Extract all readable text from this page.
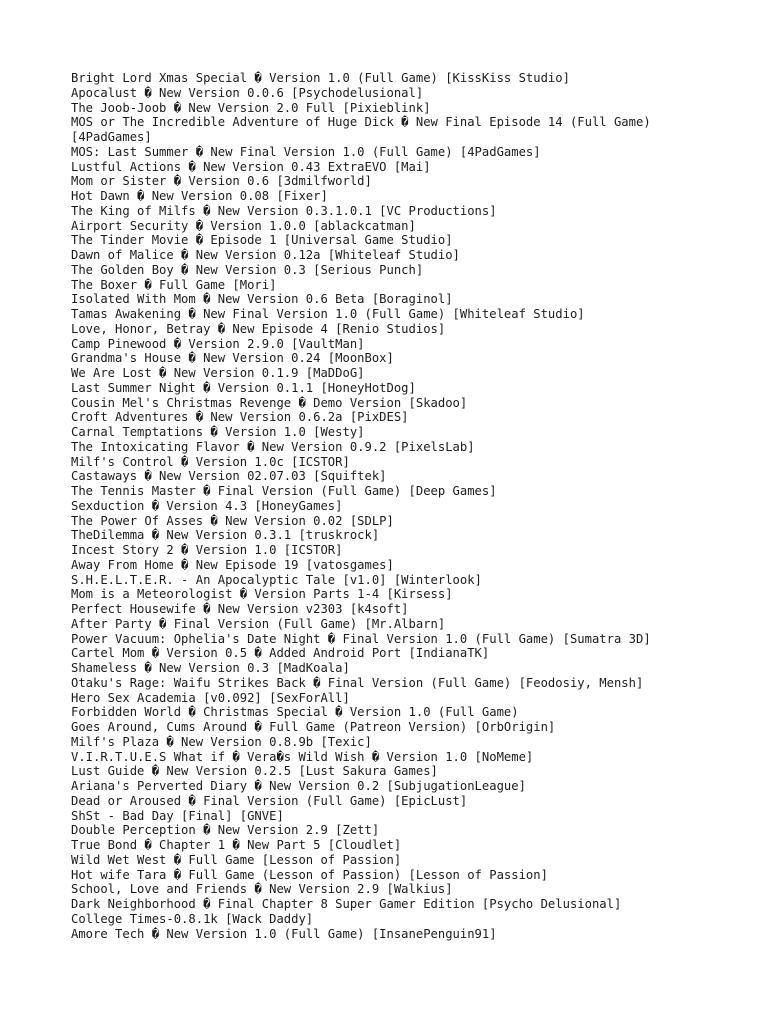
Bright Lord Xmas Special � Version 1.0 (Full Game) [KissKiss Studio]
Apocalust � New Version 0.0.6 [Psychodelusional]
The Joob-Joob � New Version 2.0 Full [Pixieblink]
MOS or The Incredible Adventure of Huge Dick � New Final Episode 14 (Full Game)
[4PadGames]
MOS: Last Summer � New Final Version 1.0 (Full Game) [4PadGames]
Lustful Actions � New Version 0.43 ExtraEVO [Mai]
Mom or Sister � Version 0.6 [3dmilfworld]
Hot Dawn � New Version 0.08 [Fixer]
The King of Milfs � New Version 0.3.1.0.1 [VC Productions]
Airport Security � Version 1.0.0 [ablackcatman]
The Tinder Movie � Episode 1 [Universal Game Studio]
Dawn of Malice � New Version 0.12a [Whiteleaf Studio]
The Golden Boy � New Version 0.3 [Serious Punch]
The Boxer � Full Game [Mori]
Isolated With Mom � New Version 0.6 Beta [Boraginol]
Tamas Awakening � New Final Version 1.0 (Full Game) [Whiteleaf Studio]
Love, Honor, Betray � New Episode 4 [Renio Studios]
Camp Pinewood � Version 2.9.0 [VaultMan]
Grandma's House � New Version 0.24 [MoonBox]
We Are Lost � New Version 0.1.9 [MaDDoG]
Last Summer Night � Version 0.1.1 [HoneyHotDog]
Cousin Mel's Christmas Revenge � Demo Version [Skadoo]
Croft Adventures � New Version 0.6.2a [PixDES]
Carnal Temptations � Version 1.0 [Westy]
The Intoxicating Flavor � New Version 0.9.2 [PixelsLab]
Milf's Control � Version 1.0c [ICSTOR]
Castaways � New Version 02.07.03 [Squiftek]
The Tennis Master � Final Version (Full Game) [Deep Games]
Sexduction � Version 4.3 [HoneyGames]
The Power Of Asses � New Version 0.02 [SDLP]
TheDilemma � New Version 0.3.1 [truskrock]
Incest Story 2 � Version 1.0 [ICSTOR]
Away From Home � New Episode 19 [vatosgames]
S.H.E.L.T.E.R. - An Apocalyptic Tale [v1.0] [Winterlook]
Mom is a Meteorologist � Version Parts 1-4 [Kirsess]
Perfect Housewife � New Version v2303 [k4soft]
After Party � Final Version (Full Game) [Mr.Albarn]
Power Vacuum: Ophelia's Date Night � Final Version 1.0 (Full Game) [Sumatra 3D]
Cartel Mom � Version 0.5 � Added Android Port [IndianaTK]
Shameless � New Version 0.3 [MadKoala]
Otaku's Rage: Waifu Strikes Back � Final Version (Full Game) [Feodosiy, Mensh]
Hero Sex Academia [v0.092] [SexForAll]
Forbidden World � Christmas Special � Version 1.0 (Full Game)
Goes Around, Cums Around � Full Game (Patreon Version) [OrbOrigin]
Milf's Plaza � New Version 0.8.9b [Texic]
V.I.R.T.U.E.S What if � Vera�s Wild Wish � Version 1.0 [NoMeme]
Lust Guide � New Version 0.2.5 [Lust Sakura Games]
Ariana's Perverted Diary � New Version 0.2 [SubjugationLeague]
Dead or Aroused � Final Version (Full Game) [EpicLust]
ShSt - Bad Day [Final] [GNVE]
Double Perception � New Version 2.9 [Zett]
True Bond � Chapter 1 � New Part 5 [Cloudlet]
Wild Wet West � Full Game [Lesson of Passion]
Hot wife Tara � Full Game (Lesson of Passion) [Lesson of Passion]
School, Love and Friends � New Version 2.9 [Walkius]
Dark Neighborhood � Final Chapter 8 Super Gamer Edition [Psycho Delusional]
College Times-0.8.1k [Wack Daddy]
Amore Tech � New Version 1.0 (Full Game) [InsanePenguin91]
